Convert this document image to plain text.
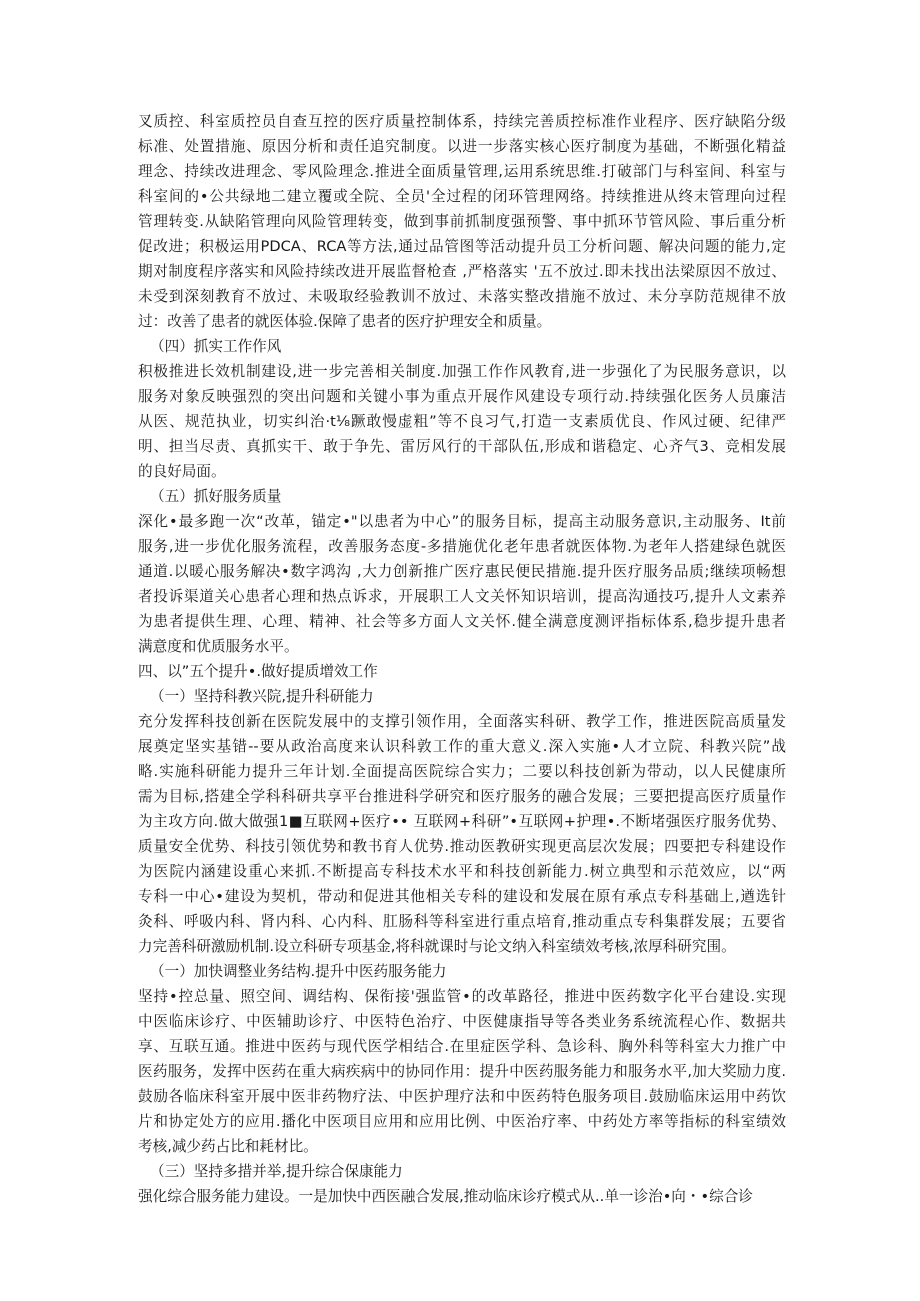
叉质控、科室质控员自查互控的医疗质量控制体系，持续完善质控标准作业程序、医疗缺陷分级
标准、处置措施、原因分析和责任追究制度。以进一步落实核心医疗制度为基础，不断强化精益
理念、持续改进理念、零风险理念.推进全面质量管理,运用系统思维.打破部门与科室间、科室与
科室间的•公共绿地二建立覆或全院、全员'全过程的闭环管理网络。持续推进从终末管理向过程
管理转变.从缺陷管理向风险管理转变，做到事前抓制度强预警、事中抓环节管风险、事后重分析
促改进；积极运用PDCA、RCA等方法,通过品管图等活动提升员工分析问题、解决问题的能力,定
期对制度程序落实和风险持续改进开展监督枪查 ,严格落实 '五不放过.即未找出法梁原因不放过、
未受到深刻教育不放过、未吸取经验教训不放过、未落实整改措施不放过、未分享防范规律不放
过：改善了患者的就医体验.保障了患者的医疗护理安全和质量。
（四）抓实工作作风
积极推进长效机制建设,进一步完善相关制度.加强工作作风教育,进一步强化了为民服务意识，以
服务对象反映强烈的突出问题和关键小事为重点开展作风建设专项行动.持续强化医务人员廉洁
从医、规范执业，切实纠治·t⅛蹶敢慢虚粗”等不良习气,打造一支素质优良、作风过硬、纪律严
明、担当尽责、真抓实干、敢于争先、雷厉风行的干部队伍,形成和谐稳定、心齐气3、竞相发展
的良好局面。
（五）抓好服务质量
深化•最多跑一次“改革，锚定•"以患者为中心”的服务目标，提高主动服务意识,主动服务、It前
服务,进一步优化服务流程，改善服务态度-多措施优化老年患者就医体物.为老年人搭建绿色就医
通道.以暖心服务解决•数字鸿沟 ,大力创新推广医疗惠民便民措施.提升医疗服务品质;继续项畅想
者投诉渠道关心患者心理和热点诉求，开展职工人文关怀知识培训，提高沟通技巧,提升人文素养
为患者提供生理、心理、精神、社会等多方面人文关怀.健全满意度测评指标体系,稳步提升患者
满意度和优质服务水平。
四、以”五个提升•.做好提质增效工作
（一）坚持科教兴院,提升科研能力
充分发挥科技创新在医院发展中的支撑引领作用，全面落实科研、教学工作，推进医院高质量发
展奠定坚实基错--要从政治高度来认识科敦工作的重大意义.深入实施•人才立院、科教兴院”战
略.实施科研能力提升三年计划.全面提高医院综合实力；二要以科技创新为带动，以人民健康所
需为目标,搭建全学科科研共享平台推进科学研究和医疗服务的融合发展；三要把提高医疗质量作
为主攻方向.做大做强1■互联网+医疗•• 互联网+科研”•互联网+护理•.不断堵强医疗服务优势、
质量安全优势、科技引领优势和教书育人优势.推动医教研实现更高层次发展；四要把专科建设作
为医院内涵建设重心来抓.不断提高专科技术水平和科技创新能力.树立典型和示范效应，以“两
专科一中心•建设为契机，带动和促进其他相关专科的建设和发展在原有承点专科基础上,遒选针
灸科、呼吸内科、肾内科、心内科、肛肠科等科室进行重点培育,推动重点专科集群发展；五要省
力完善科研激励机制.设立科研专项基金,将科就课时与论文纳入科室绩效考核,浓厚科研究围。
（一）加快调整业务结构.提升中医药服务能力
坚持•控总量、照空间、调结构、保衔接'强监管•的改革路径，推进中医药数字化平台建设.实现
中医临床诊疗、中医辅助诊疗、中医特色治疗、中医健康指导等各类业务系统流程心作、数据共
享、互联互通。推进中医药与现代医学相结合.在里症医学科、急诊科、胸外科等科室大力推广中
医药服务，发挥中医药在重大病疾病中的协同作用：提升中医药服务能力和服务水平,加大奖励力度.
鼓励各临床科室开展中医非药物疗法、中医护理疗法和中医药特色服务项目.鼓励临床运用中药饮
片和协定处方的应用.播化中医项目应用和应用比例、中医治疗率、中药处方率等指标的科室绩效
考核,减少药占比和耗材比。
（三）坚持多措并举,提升综合保康能力
强化综合服务能力建设。一是加快中西医融合发展,推动临床诊疗模式从..单一诊治•向・•综合诊
